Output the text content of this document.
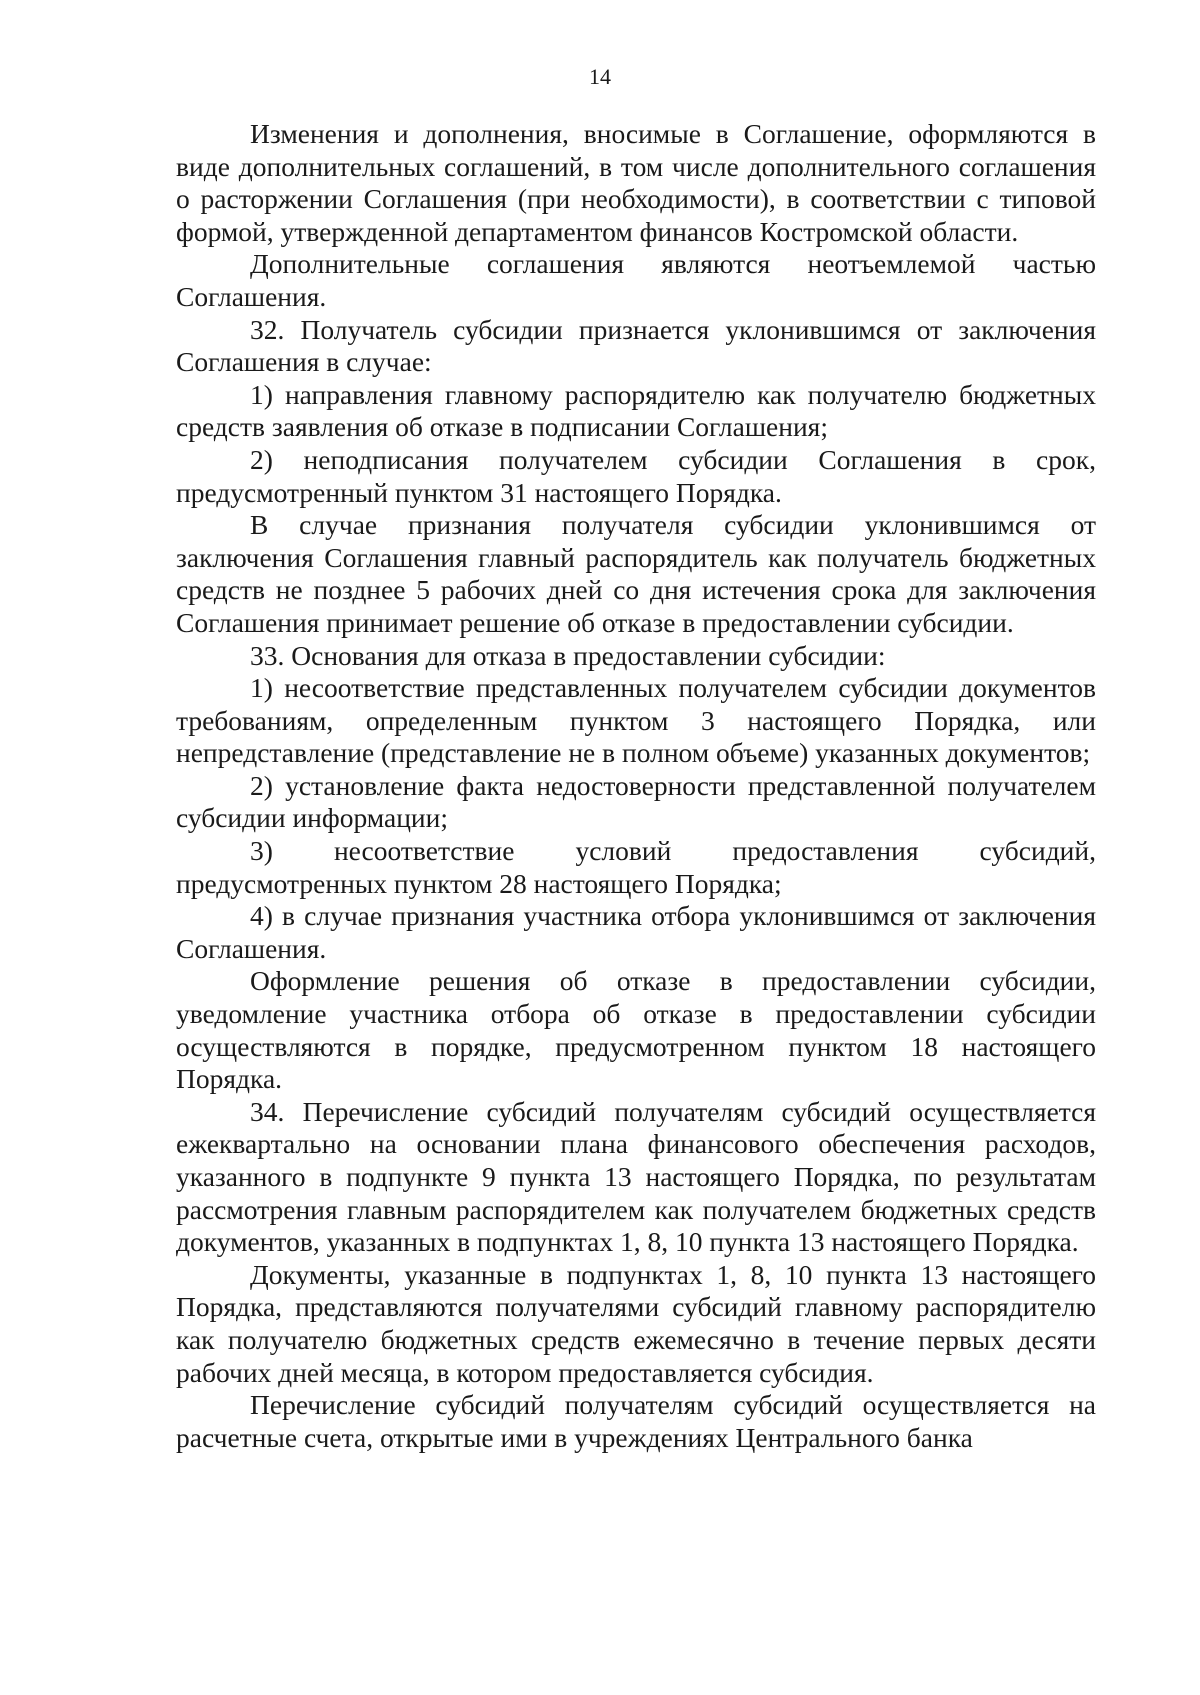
14

Изменения и дополнения, вносимые в Соглашение, оформляются в виде дополнительных соглашений, в том числе дополнительного соглашения о расторжении Соглашения (при необходимости), в соответствии с типовой формой, утвержденной департаментом финансов Костромской области.

Дополнительные соглашения являются неотъемлемой частью Соглашения.

32. Получатель субсидии признается уклонившимся от заключения Соглашения в случае:

1) направления главному распорядителю как получателю бюджетных средств заявления об отказе в подписании Соглашения;

2) неподписания получателем субсидии Соглашения в срок, предусмотренный пунктом 31 настоящего Порядка.

В случае признания получателя субсидии уклонившимся от заключения Соглашения главный распорядитель как получатель бюджетных средств не позднее 5 рабочих дней со дня истечения срока для заключения Соглашения принимает решение об отказе в предоставлении субсидии.

33. Основания для отказа в предоставлении субсидии:

1) несоответствие представленных получателем субсидии документов требованиям, определенным пунктом 3 настоящего Порядка, или непредставление (представление не в полном объеме) указанных документов;

2) установление факта недостоверности представленной получателем субсидии информации;

3) несоответствие условий предоставления субсидий, предусмотренных пунктом 28 настоящего Порядка;

4) в случае признания участника отбора уклонившимся от заключения Соглашения.

Оформление решения об отказе в предоставлении субсидии, уведомление участника отбора об отказе в предоставлении субсидии осуществляются в порядке, предусмотренном пунктом 18 настоящего Порядка.

34. Перечисление субсидий получателям субсидий осуществляется ежеквартально на основании плана финансового обеспечения расходов, указанного в подпункте 9 пункта 13 настоящего Порядка, по результатам рассмотрения главным распорядителем как получателем бюджетных средств документов, указанных в подпунктах 1, 8, 10 пункта 13 настоящего Порядка.

Документы, указанные в подпунктах 1, 8, 10 пункта 13 настоящего Порядка, представляются получателями субсидий главному распорядителю как получателю бюджетных средств ежемесячно в течение первых десяти рабочих дней месяца, в котором предоставляется субсидия.

Перечисление субсидий получателям субсидий осуществляется на расчетные счета, открытые ими в учреждениях Центрального банка
